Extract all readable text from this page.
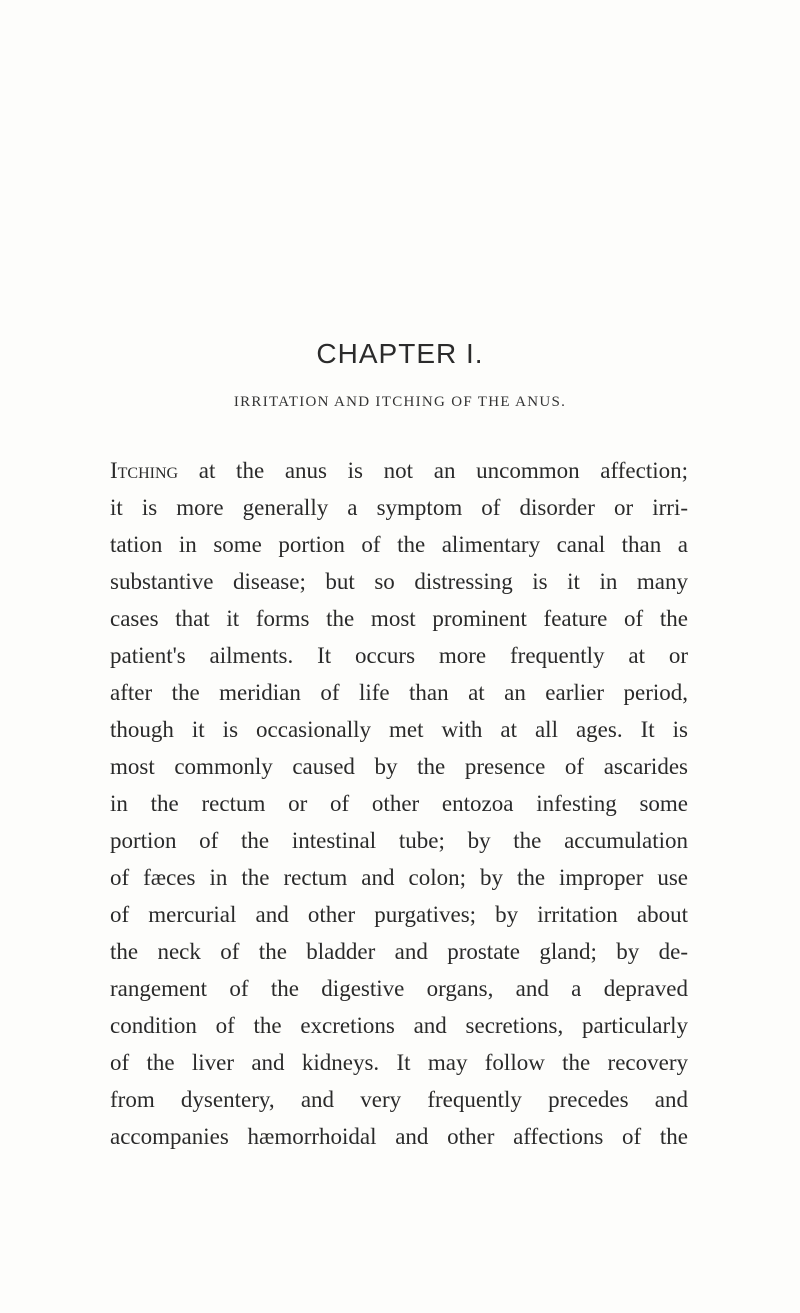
CHAPTER I.
IRRITATION AND ITCHING OF THE ANUS.
Itching at the anus is not an uncommon affection;
it is more generally a symptom of disorder or irri-
tation in some portion of the alimentary canal than a
substantive disease; but so distressing is it in many
cases that it forms the most prominent feature of the
patient's ailments. It occurs more frequently at or
after the meridian of life than at an earlier period,
though it is occasionally met with at all ages. It is
most commonly caused by the presence of ascarides
in the rectum or of other entozoa infesting some
portion of the intestinal tube; by the accumulation
of fæces in the rectum and colon; by the improper use
of mercurial and other purgatives; by irritation about
the neck of the bladder and prostate gland; by de-
rangement of the digestive organs, and a depraved
condition of the excretions and secretions, particularly
of the liver and kidneys. It may follow the recovery
from dysentery, and very frequently precedes and
accompanies hæmorrhoidal and other affections of the
